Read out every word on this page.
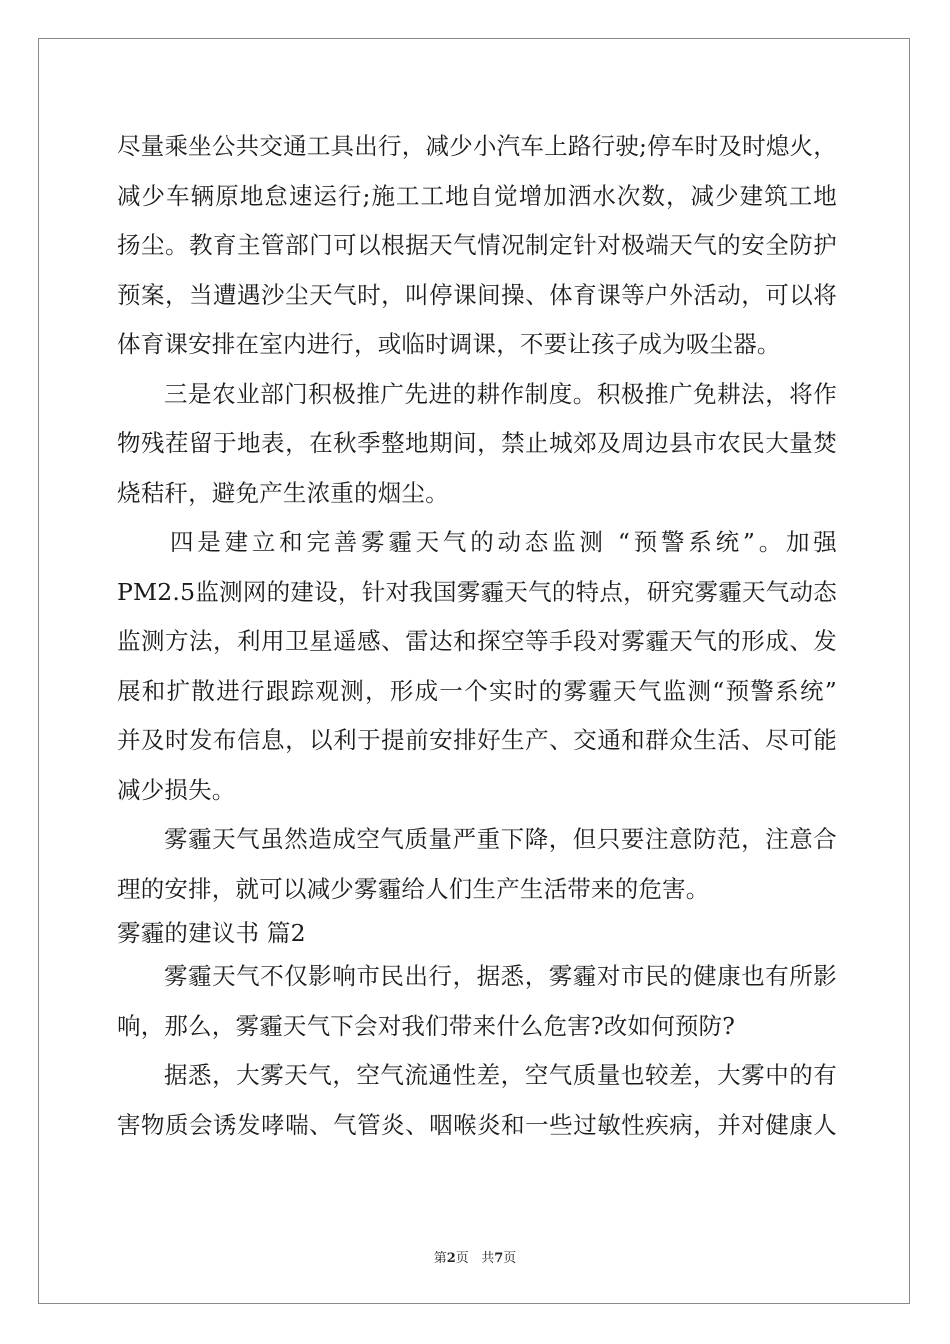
尽量乘坐公共交通工具出行，减少小汽车上路行驶;停车时及时熄火，
减少车辆原地怠速运行;施工工地自觉增加洒水次数，减少建筑工地
扬尘。教育主管部门可以根据天气情况制定针对极端天气的安全防护
预案，当遭遇沙尘天气时，叫停课间操、体育课等户外活动，可以将
体育课安排在室内进行，或临时调课，不要让孩子成为吸尘器。
三是农业部门积极推广先进的耕作制度。积极推广免耕法，将作
物残茬留于地表，在秋季整地期间，禁止城郊及周边县市农民大量焚
烧秸秆，避免产生浓重的烟尘。
四是建立和完善雾霾天气的动态监测 “预警系统”。加强
PM2.5监测网的建设，针对我国雾霾天气的特点，研究雾霾天气动态
监测方法，利用卫星遥感、雷达和探空等手段对雾霾天气的形成、发
展和扩散进行跟踪观测，形成一个实时的雾霾天气监测“预警系统”
并及时发布信息，以利于提前安排好生产、交通和群众生活、尽可能
减少损失。
雾霾天气虽然造成空气质量严重下降，但只要注意防范，注意合
理的安排，就可以减少雾霾给人们生产生活带来的危害。
雾霾的建议书 篇2
雾霾天气不仅影响市民出行，据悉，雾霾对市民的健康也有所影
响，那么，雾霾天气下会对我们带来什么危害?改如何预防?
据悉，大雾天气，空气流通性差，空气质量也较差，大雾中的有
害物质会诱发哮喘、气管炎、咽喉炎和一些过敏性疾病，并对健康人
第2页 共7页
